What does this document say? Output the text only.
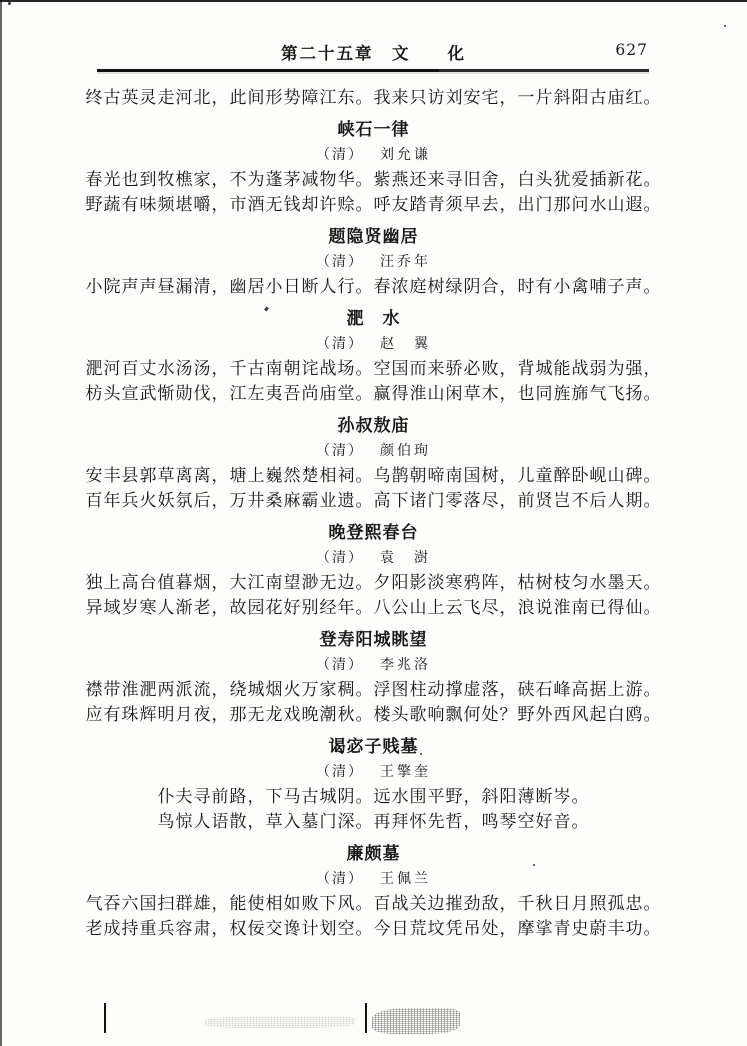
第二十五章　文　　化	627
终古英灵走河北，此间形势障江东。我来只访刘安宅，一片斜阳古庙红。
峡石一律
（清） 刘允谦
春光也到牧樵家，不为蓬茅减物华。紫燕还来寻旧舍，白头犹爱插新花。
野蔬有味频堪嚼，市酒无钱却许赊。呼友踏青须早去，出门那问水山遐。
题隐贤幽居
（清） 汪乔年
小院声声昼漏清，幽居小日断人行。春浓庭树绿阴合，时有小禽哺子声。
淝　水
（清） 赵　翼
淝河百丈水汤汤，千古南朝诧战场。空国而来骄必败，背城能战弱为强，
枋头宣武惭勋伐，江左夷吾尚庙堂。赢得淮山闲草木，也同旌旆气飞扬。
孙叔敖庙
（清） 颜伯珣
安丰县郭草离离，塘上巍然楚相祠。乌鹊朝啼南国树，儿童醉卧岘山碑。
百年兵火妖氛后，万井桑麻霸业遗。高下诸门零落尽，前贤岂不后人期。
晚登熙春台
（清） 袁　澍
独上高台值暮烟，大江南望渺无边。夕阳影淡寒鸦阵，枯树枝匀水墨天。
异域岁寒人渐老，故园花好别经年。八公山上云飞尽，浪说淮南已得仙。
登寿阳城眺望
（清） 李兆洛
襟带淮淝两派流，绕城烟火万家稠。浮图柱动撑虚落，硖石峰高据上游。
应有珠辉明月夜，那无龙戏晚潮秋。楼头歌响飘何处？野外西风起白鸥。
谒宓子贱墓
（清） 王擎奎
仆夫寻前路，下马古城阴。远水围平野，斜阳薄断岑。
鸟惊人语散，草入墓门深。再拜怀先哲，鸣琴空好音。
廉颇墓
（清） 王佩兰
气吞六国扫群雄，能使相如败下风。百战关边摧劲敌，千秋日月照孤忠。
老成持重兵容肃，权佞交谗计划空。今日荒坟凭吊处，摩挲青史蔚丰功。
